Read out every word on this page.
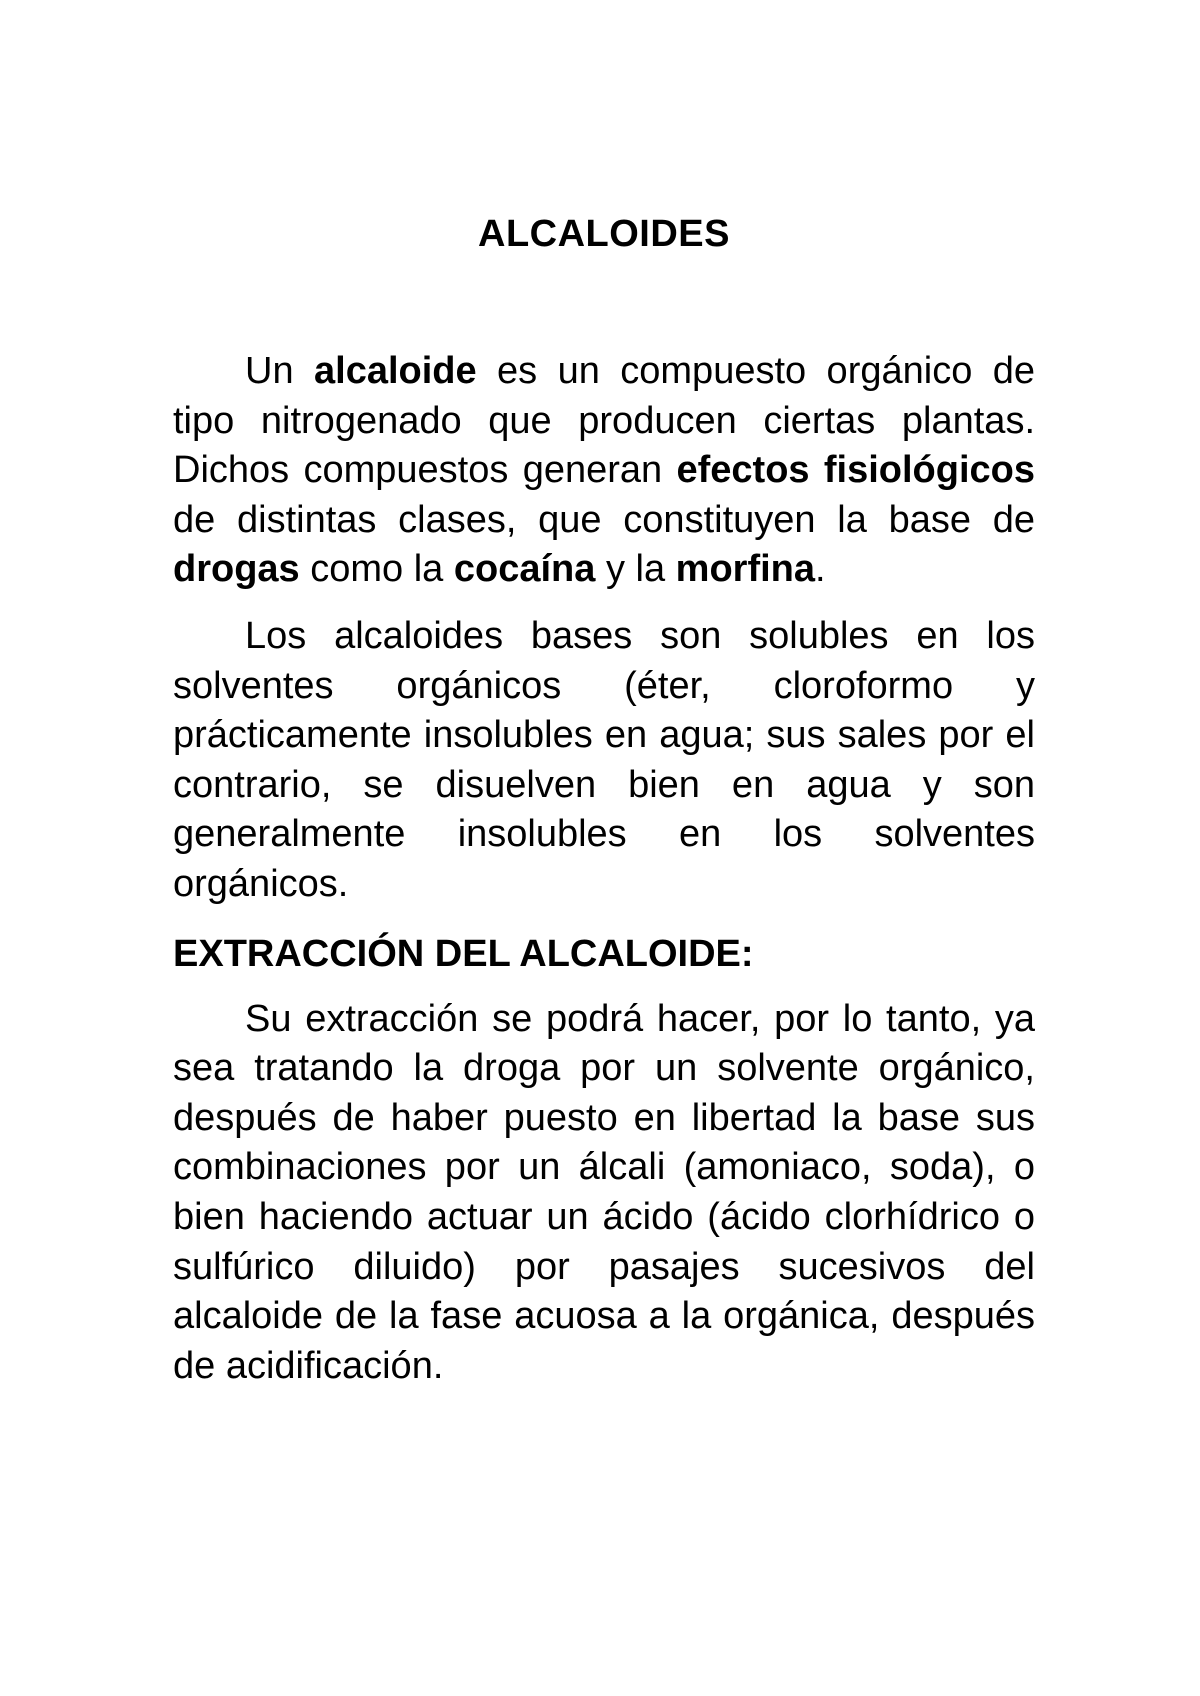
ALCALOIDES

Un alcaloide es un compuesto orgánico de tipo nitrogenado que producen ciertas plantas. Dichos compuestos generan efectos fisiológicos de distintas clases, que constituyen la base de drogas como la cocaína y la morfina.

Los alcaloides bases son solubles en los solventes orgánicos (éter, cloroformo y prácticamente insolubles en agua; sus sales por el contrario, se disuelven bien en agua y son generalmente insolubles en los solventes orgánicos.

EXTRACCIÓN DEL ALCALOIDE:

Su extracción se podrá hacer, por lo tanto, ya sea tratando la droga por un solvente orgánico, después de haber puesto en libertad la base sus combinaciones por un álcali (amoniaco, soda), o bien haciendo actuar un ácido (ácido clorhídrico o sulfúrico diluido) por pasajes sucesivos del alcaloide de la fase acuosa a la orgánica, después de acidificación.
